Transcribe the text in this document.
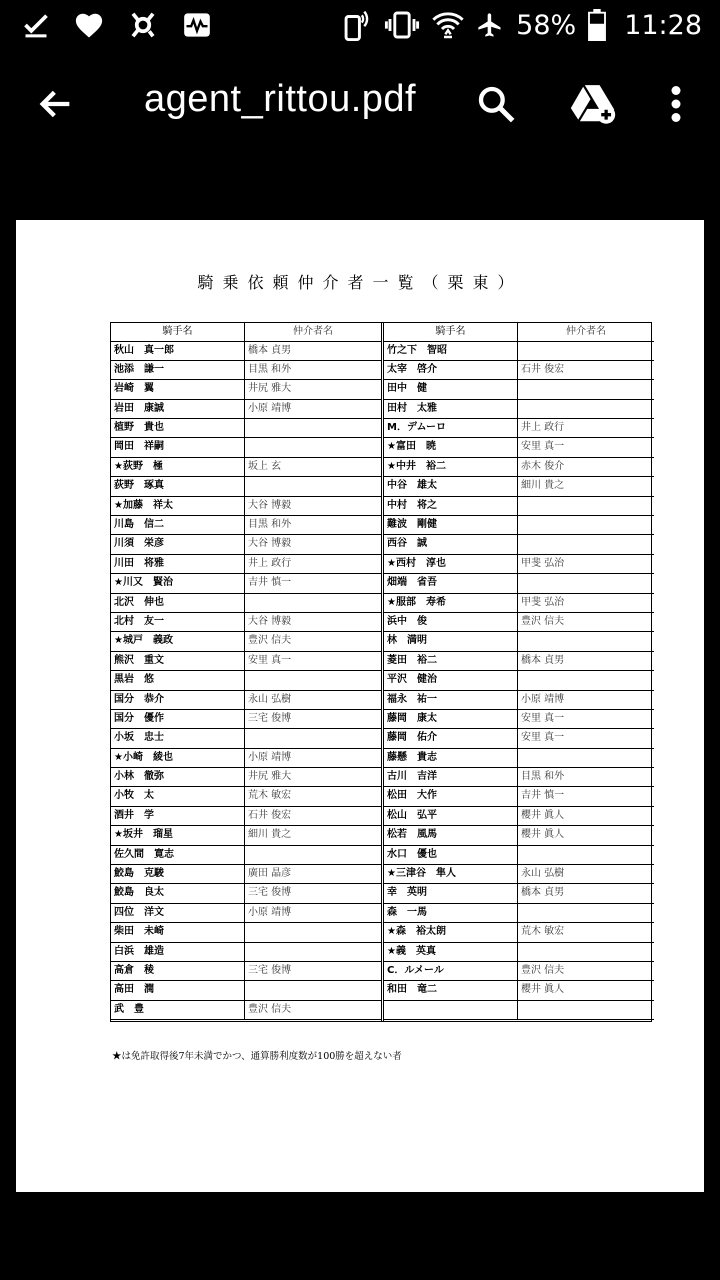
58% 11:28
agent_rittou.pdf
騎乗依頼仲介者一覧（栗東）
騎手名	仲介者名
秋山　真一郎	橋本 貞男
池添　謙一	目黒 和外
岩崎　翼	井尻 雅大
岩田　康誠	小原 靖博
植野　貴也
岡田　祥嗣
★荻野　極	坂上 玄
荻野　琢真
★加藤　祥太	大谷 博毅
川島　信二	目黒 和外
川須　栄彦	大谷 博毅
川田　将雅	井上 政行
★川又　賢治	吉井 慎一
北沢　伸也
北村　友一	大谷 博毅
★城戸　義政	豊沢 信夫
熊沢　重文	安里 真一
黒岩　悠
国分　恭介	永山 弘樹
国分　優作	三宅 俊博
小坂　忠士
★小崎　綾也	小原 靖博
小林　徹弥	井尻 雅大
小牧　太	荒木 敏宏
酒井　学	石井 俊宏
★坂井　瑠星	細川 貴之
佐久間　寛志
鮫島　克駿	廣田 晶彦
鮫島　良太	三宅 俊博
四位　洋文	小原 靖博
柴田　未崎
白浜　雄造
高倉　稜	三宅 俊博
高田　潤
武　豊	豊沢 信夫
騎手名	仲介者名
竹之下　智昭
太宰　啓介	石井 俊宏
田中　健
田村　太雅
M．デムーロ	井上 政行
★富田　暁	安里 真一
★中井　裕二	赤木 俊介
中谷　雄太	細川 貴之
中村　将之
難波　剛健
西谷　誠
★西村　淳也	甲斐 弘治
畑端　省吾
★服部　寿希	甲斐 弘治
浜中　俊	豊沢 信夫
林　満明
菱田　裕二	橋本 貞男
平沢　健治
福永　祐一	小原 靖博
藤岡　康太	安里 真一
藤岡　佑介	安里 真一
藤懸　貴志
古川　吉洋	目黒 和外
松田　大作	吉井 慎一
松山　弘平	櫻井 眞人
松若　風馬	櫻井 眞人
水口　優也
★三津谷　隼人	永山 弘樹
幸　英明	橋本 貞男
森　一馬
★森　裕太朗	荒木 敏宏
★義　英真
C．ルメール	豊沢 信夫
和田　竜二	櫻井 眞人
★は免許取得後7年未満でかつ、通算勝利度数が100勝を超えない者
